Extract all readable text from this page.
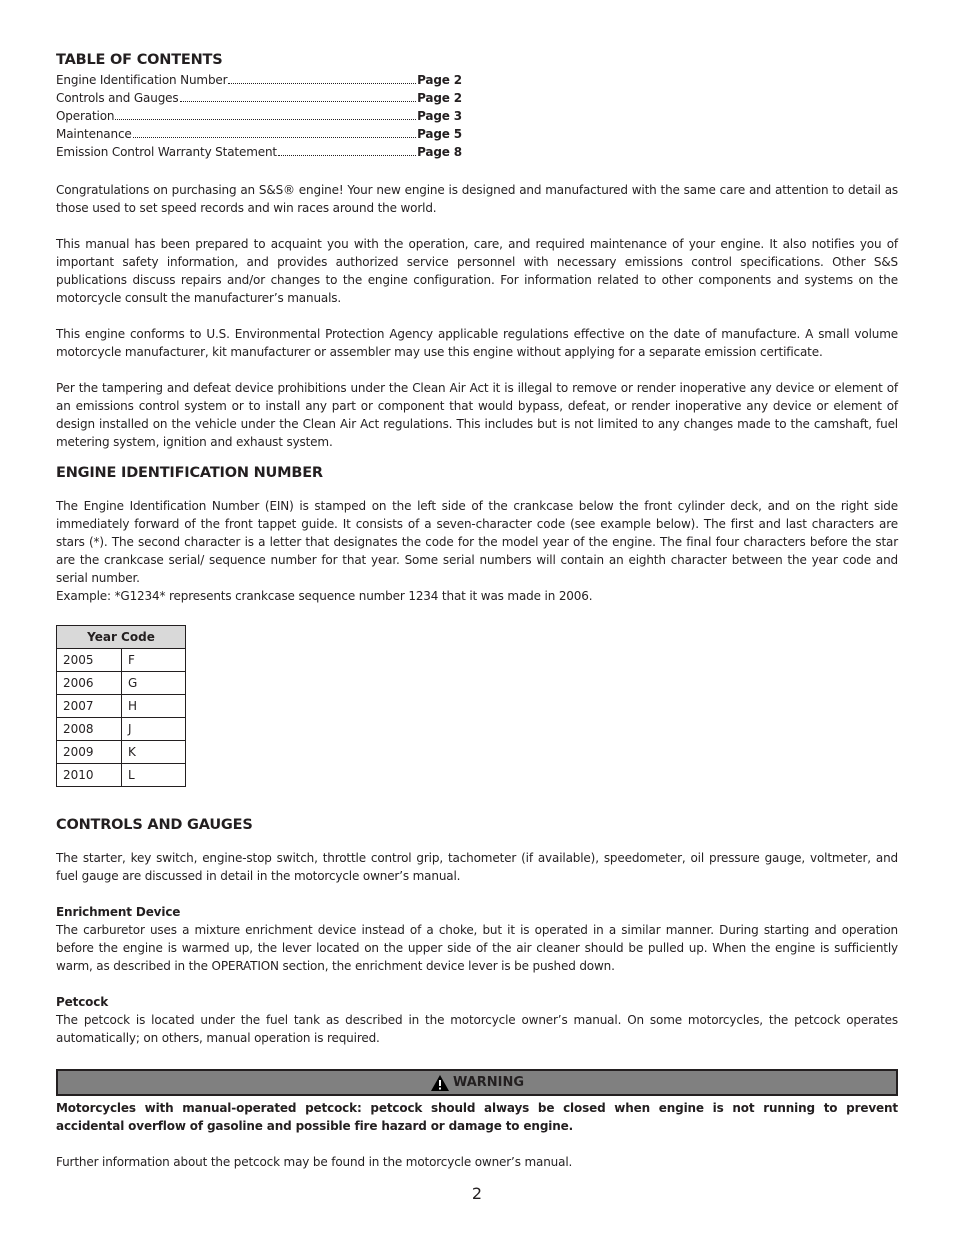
TABLE OF CONTENTS
Engine Identification Number	Page 2
Controls and Gauges	Page 2
Operation	Page 3
Maintenance	Page 5
Emission Control Warranty Statement	Page 8

Congratulations on purchasing an S&S® engine! Your new engine is designed and manufactured with the same care and attention to detail as those used to set speed records and win races around the world.

This manual has been prepared to acquaint you with the operation, care, and required maintenance of your engine. It also notifies you of important safety information, and provides authorized service personnel with necessary emissions control specifications. Other S&S publications discuss repairs and/or changes to the engine configuration. For information related to other components and systems on the motorcycle consult the manufacturer’s manuals.

This engine conforms to U.S. Environmental Protection Agency applicable regulations effective on the date of manufacture. A small volume motorcycle manufacturer, kit manufacturer or assembler may use this engine without applying for a separate emission certificate.

Per the tampering and defeat device prohibitions under the Clean Air Act it is illegal to remove or render inoperative any device or element of an emissions control system or to install any part or component that would bypass, defeat, or render inoperative any device or element of design installed on the vehicle under the Clean Air Act regulations. This includes but is not limited to any changes made to the camshaft, fuel metering system, ignition and exhaust system.

ENGINE IDENTIFICATION NUMBER

The Engine Identification Number (EIN) is stamped on the left side of the crankcase below the front cylinder deck, and on the right side immediately forward of the front tappet guide. It consists of a seven-character code (see example below). The first and last characters are stars (*). The second character is a letter that designates the code for the model year of the engine. The final four characters before the star are the crankcase serial/ sequence number for that year. Some serial numbers will contain an eighth character between the year code and serial number.

Example: *G1234* represents crankcase sequence number 1234 that it was made in 2006.

Year Code	
2005	F
2006	G
2007	H
2008	J
2009	K
2010	L
CONTROLS AND GAUGES

The starter, key switch, engine-stop switch, throttle control grip, tachometer (if available), speedometer, oil pressure gauge, voltmeter, and fuel gauge are discussed in detail in the motorcycle owner’s manual.

Enrichment Device

The carburetor uses a mixture enrichment device instead of a choke, but it is operated in a similar manner. During starting and operation before the engine is warmed up, the lever located on the upper side of the air cleaner should be pulled up. When the engine is sufficiently warm, as described in the OPERATION section, the enrichment device lever is be pushed down.

Petcock

The petcock is located under the fuel tank as described in the motorcycle owner’s manual. On some motorcycles, the petcock operates automatically; on others, manual operation is required.

WARNING
Motorcycles with manual-operated petcock: petcock should always be closed when engine is not running to prevent accidental overflow of gasoline and possible fire hazard or damage to engine.

Further information about the petcock may be found in the motorcycle owner’s manual.

2
